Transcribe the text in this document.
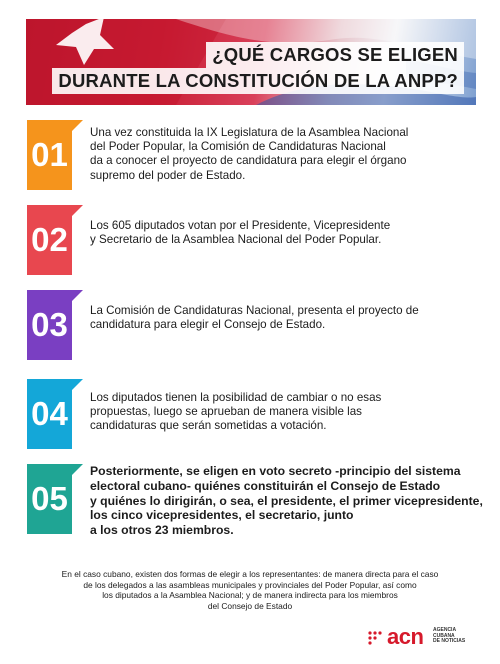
¿QUÉ CARGOS SE ELIGEN
DURANTE LA CONSTITUCIÓN DE LA ANPP?
01
Una vez constituida la IX Legislatura de la Asamblea Nacional
del Poder Popular, la Comisión de Candidaturas Nacional
da a conocer el proyecto de candidatura para elegir el órgano
supremo del poder de Estado.
02	Los 605 diputados votan por el Presidente, Vicepresidente
y Secretario de la Asamblea Nacional del Poder Popular.
03	La Comisión de Candidaturas Nacional, presenta el proyecto de
candidatura para elegir el Consejo de Estado.
04	Los diputados tienen la posibilidad de cambiar o no esas
propuestas, luego se aprueban de manera visible las
candidaturas que serán sometidas a votación.
05
Posteriormente, se eligen en voto secreto -principio del sistema
electoral cubano- quiénes constituirán el Consejo de Estado
y quiénes lo dirigirán, o sea, el presidente, el primer vicepresidente,
los cinco vicepresidentes, el secretario, junto
a los otros 23 miembros.
En el caso cubano, existen dos formas de elegir a los representantes: de manera directa para el caso
de los delegados a las asambleas municipales y provinciales del Poder Popular, así como
los diputados a la Asamblea Nacional; y de manera indirecta para los miembros
del Consejo de Estado
acn AGENCIA
CUBANA
DE NOTICIAS
